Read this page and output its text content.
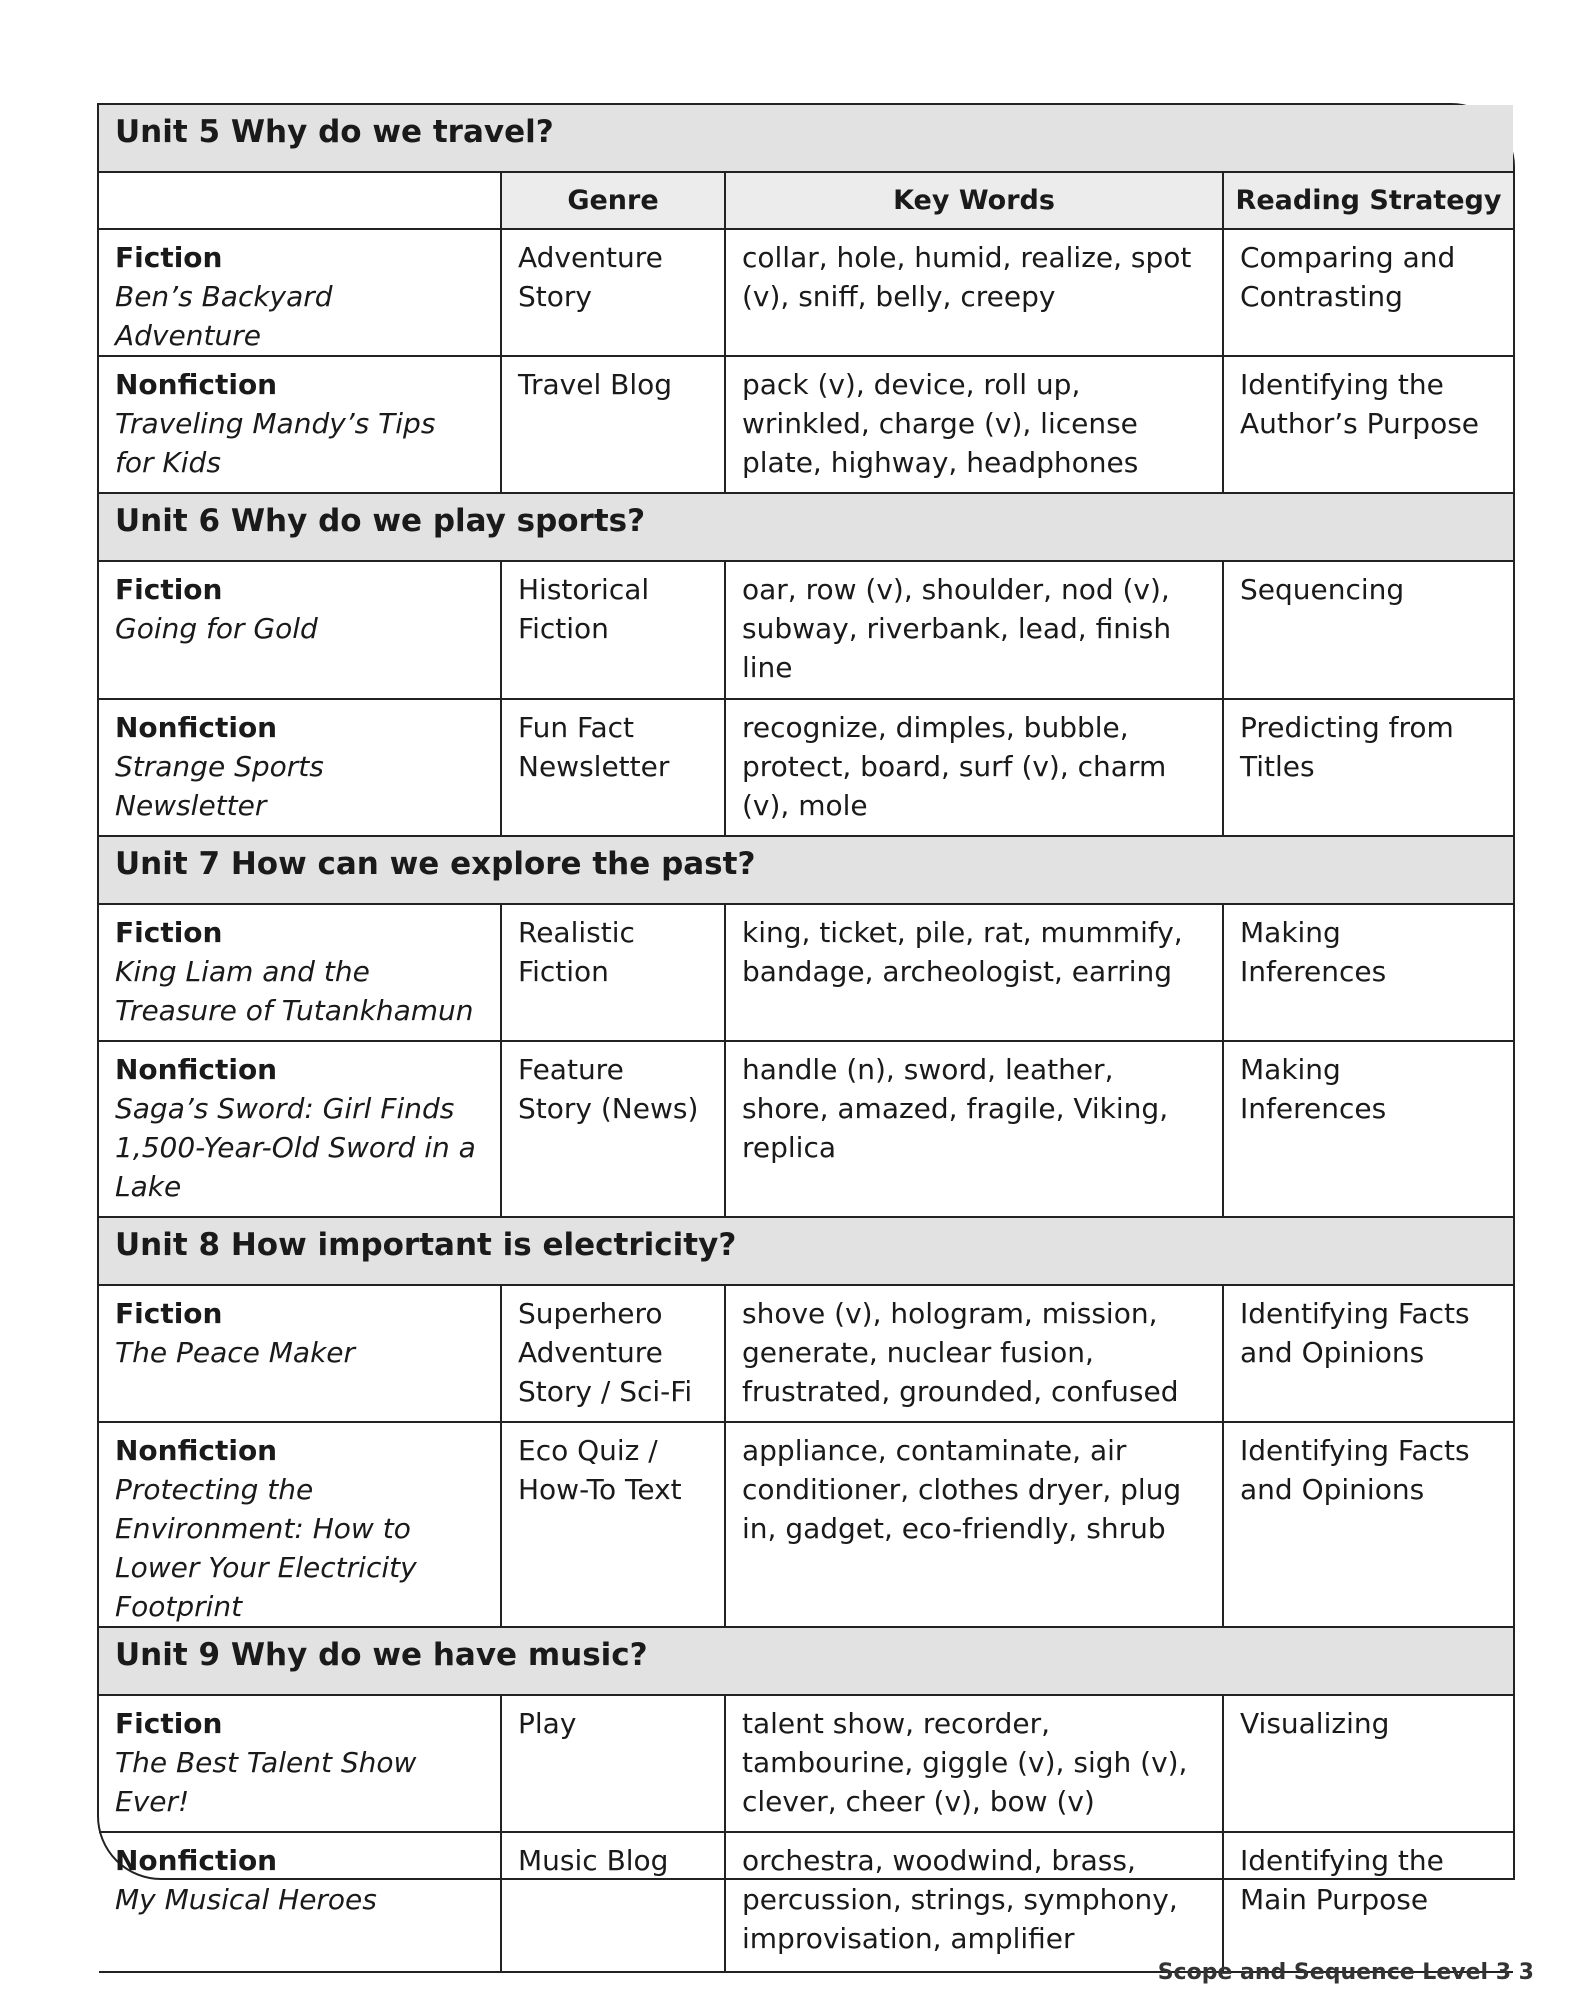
Unit 5 Why do we travel?			
	Genre	Key Words	Reading Strategy

Fiction
Ben’s Backyard Adventure	Adventure Story	collar, hole, humid, realize, spot (v), sniff, belly, creepy	Comparing and Contrasting

Nonfiction
Traveling Mandy’s Tips for Kids	Travel Blog	pack (v), device, roll up, wrinkled, charge (v), license plate, highway, headphones	Identifying the Author’s Purpose
Unit 6 Why do we play sports?			

Fiction
Going for Gold	Historical Fiction	oar, row (v), shoulder, nod (v), subway, riverbank, lead, finish line	Sequencing

Nonfiction
Strange Sports Newsletter	Fun Fact Newsletter	recognize, dimples, bubble, protect, board, surf (v), charm (v), mole	Predicting from Titles
Unit 7 How can we explore the past?			

Fiction
King Liam and the Treasure of Tutankhamun	Realistic Fiction	king, ticket, pile, rat, mummify, bandage, archeologist, earring	Making Inferences

Nonfiction
Saga’s Sword: Girl Finds 1,500-Year-Old Sword in a Lake	Feature Story (News)	handle (n), sword, leather, shore, amazed, fragile, Viking, replica	Making Inferences
Unit 8 How important is electricity?			

Fiction
The Peace Maker	Superhero Adventure Story / Sci-Fi	shove (v), hologram, mission, generate, nuclear fusion, frustrated, grounded, confused	Identifying Facts and Opinions

Nonfiction
Protecting the Environment: How to Lower Your Electricity Footprint	Eco Quiz / How-To Text	appliance, contaminate, air conditioner, clothes dryer, plug in, gadget, eco-friendly, shrub	Identifying Facts and Opinions
Unit 9 Why do we have music?			

Fiction
The Best Talent Show Ever!	Play	talent show, recorder, tambourine, giggle (v), sigh (v), clever, cheer (v), bow (v)	Visualizing

Nonfiction
My Musical Heroes	Music Blog	orchestra, woodwind, brass, percussion, strings, symphony, improvisation, amplifier	Identifying the Main Purpose
Scope and Sequence Level 3 3
